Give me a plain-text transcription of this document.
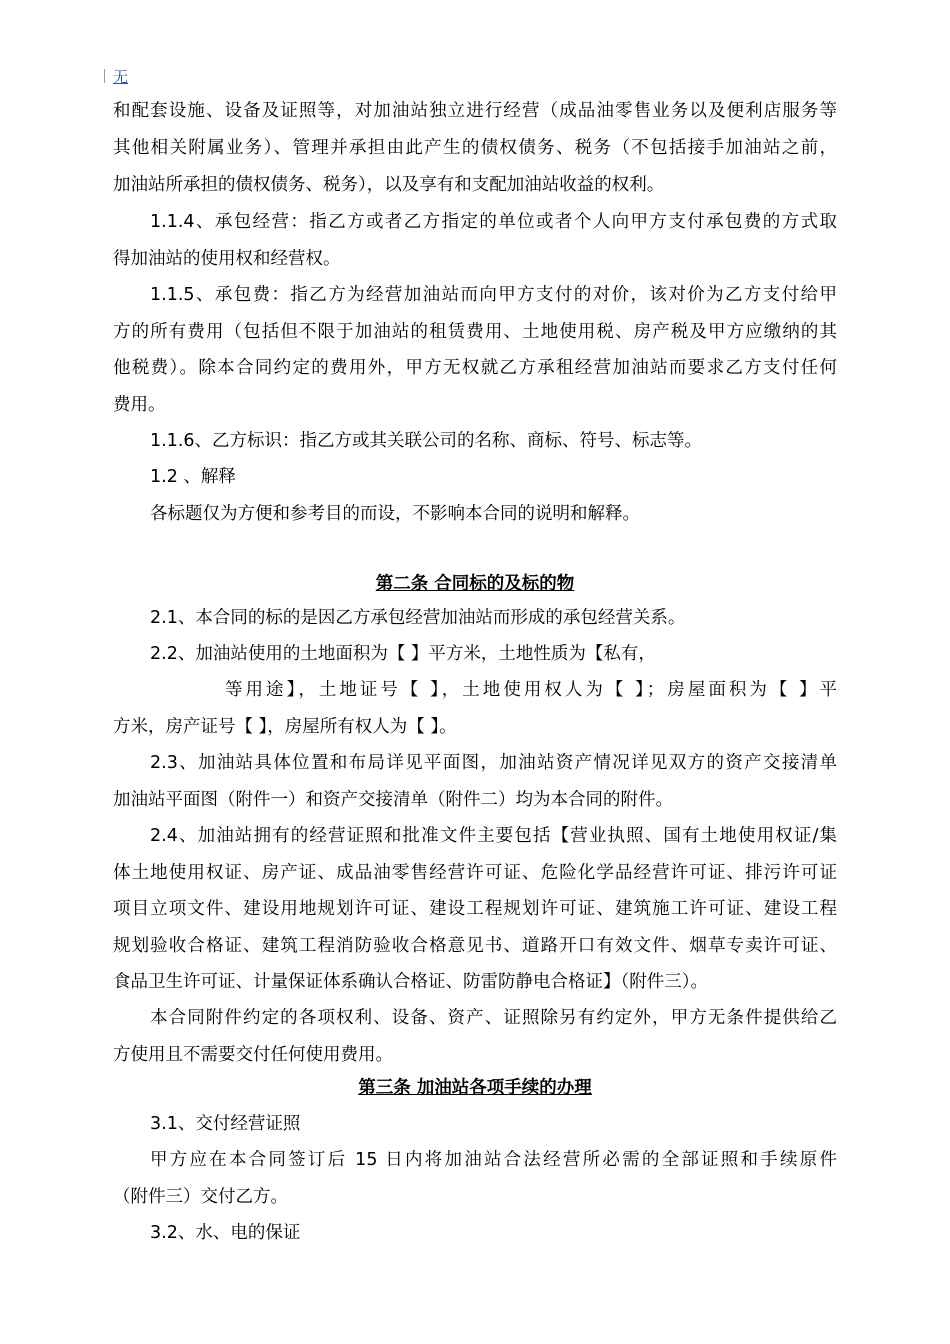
无
和配套设施、设备及证照等，对加油站独立进行经营（成品油零售业务以及便利店服务等
其他相关附属业务）、管理并承担由此产生的债权债务、税务（不包括接手加油站之前，
加油站所承担的债权债务、税务），以及享有和支配加油站收益的权利。
1.1.4、承包经营：指乙方或者乙方指定的单位或者个人向甲方支付承包费的方式取
得加油站的使用权和经营权。
1.1.5、承包费：指乙方为经营加油站而向甲方支付的对价，该对价为乙方支付给甲
方的所有费用（包括但不限于加油站的租赁费用、土地使用税、房产税及甲方应缴纳的其
他税费）。除本合同约定的费用外，甲方无权就乙方承租经营加油站而要求乙方支付任何
费用。
1.1.6、乙方标识：指乙方或其关联公司的名称、商标、符号、标志等。
1.2 、解释
各标题仅为方便和参考目的而设，不影响本合同的说明和解释。
第二条 合同标的及标的物
2.1、本合同的标的是因乙方承包经营加油站而形成的承包经营关系。
2.2、加油站使用的土地面积为【 】平方米，土地性质为【私有，
等用途】，土地证号【 】，土地使用权人为【 】；房屋面积为【 】平
方米，房产证号【 】，房屋所有权人为【 】。
2.3、加油站具体位置和布局详见平面图，加油站资产情况详见双方的资产交接清单
加油站平面图（附件一）和资产交接清单（附件二）均为本合同的附件。
2.4、加油站拥有的经营证照和批准文件主要包括【营业执照、国有土地使用权证/集
体土地使用权证、房产证、成品油零售经营许可证、危险化学品经营许可证、排污许可证
项目立项文件、建设用地规划许可证、建设工程规划许可证、建筑施工许可证、建设工程
规划验收合格证、建筑工程消防验收合格意见书、道路开口有效文件、烟草专卖许可证、
食品卫生许可证、计量保证体系确认合格证、防雷防静电合格证】（附件三）。
本合同附件约定的各项权利、设备、资产、证照除另有约定外，甲方无条件提供给乙
方使用且不需要交付任何使用费用。
第三条 加油站各项手续的办理
3.1、交付经营证照
甲方应在本合同签订后 15 日内将加油站合法经营所必需的全部证照和手续原件
（附件三）交付乙方。
3.2、水、电的保证
